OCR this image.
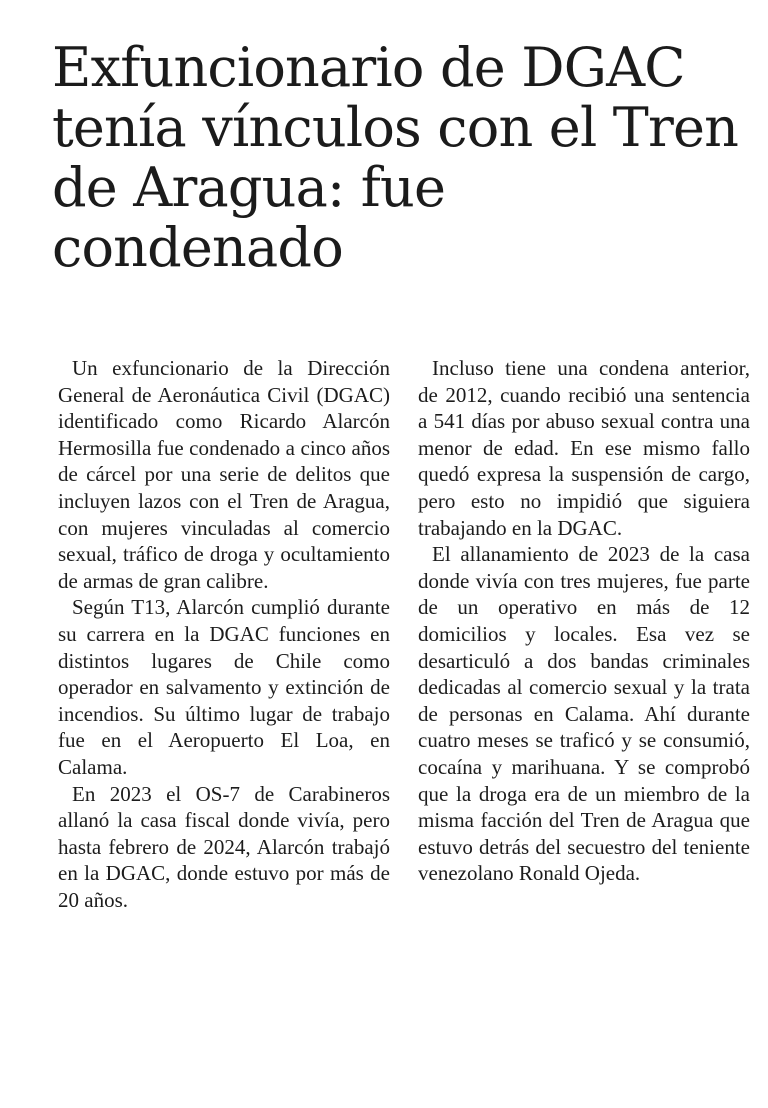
Exfuncionario de DGAC tenía vínculos con el Tren de Aragua: fue condenado

Un exfuncionario de la Dirección General de Aeronáutica Civil (DGAC) identificado como Ricardo Alarcón Hermosilla fue condenado a cinco años de cárcel por una serie de delitos que incluyen lazos con el Tren de Aragua, con mujeres vinculadas al comercio sexual, tráfico de droga y ocultamiento de armas de gran calibre.

Según T13, Alarcón cumplió durante su carrera en la DGAC funciones en distintos lugares de Chile como operador en salvamento y extinción de incendios. Su último lugar de trabajo fue en el Aeropuerto El Loa, en Calama.

En 2023 el OS-7 de Carabineros allanó la casa fiscal donde vivía, pero hasta febrero de 2024, Alarcón trabajó en la DGAC, donde estuvo por más de 20 años.

Incluso tiene una condena anterior, de 2012, cuando recibió una sentencia a 541 días por abuso sexual contra una menor de edad. En ese mismo fallo quedó expresa la suspensión de cargo, pero esto no impidió que siguiera trabajando en la DGAC.

El allanamiento de 2023 de la casa donde vivía con tres mujeres, fue parte de un operativo en más de 12 domicilios y locales. Esa vez se desarticuló a dos bandas criminales dedicadas al comercio sexual y la trata de personas en Calama. Ahí durante cuatro meses se traficó y se consumió, cocaína y marihuana. Y se comprobó que la droga era de un miembro de la misma facción del Tren de Aragua que estuvo detrás del secuestro del teniente venezolano Ronald Ojeda.
